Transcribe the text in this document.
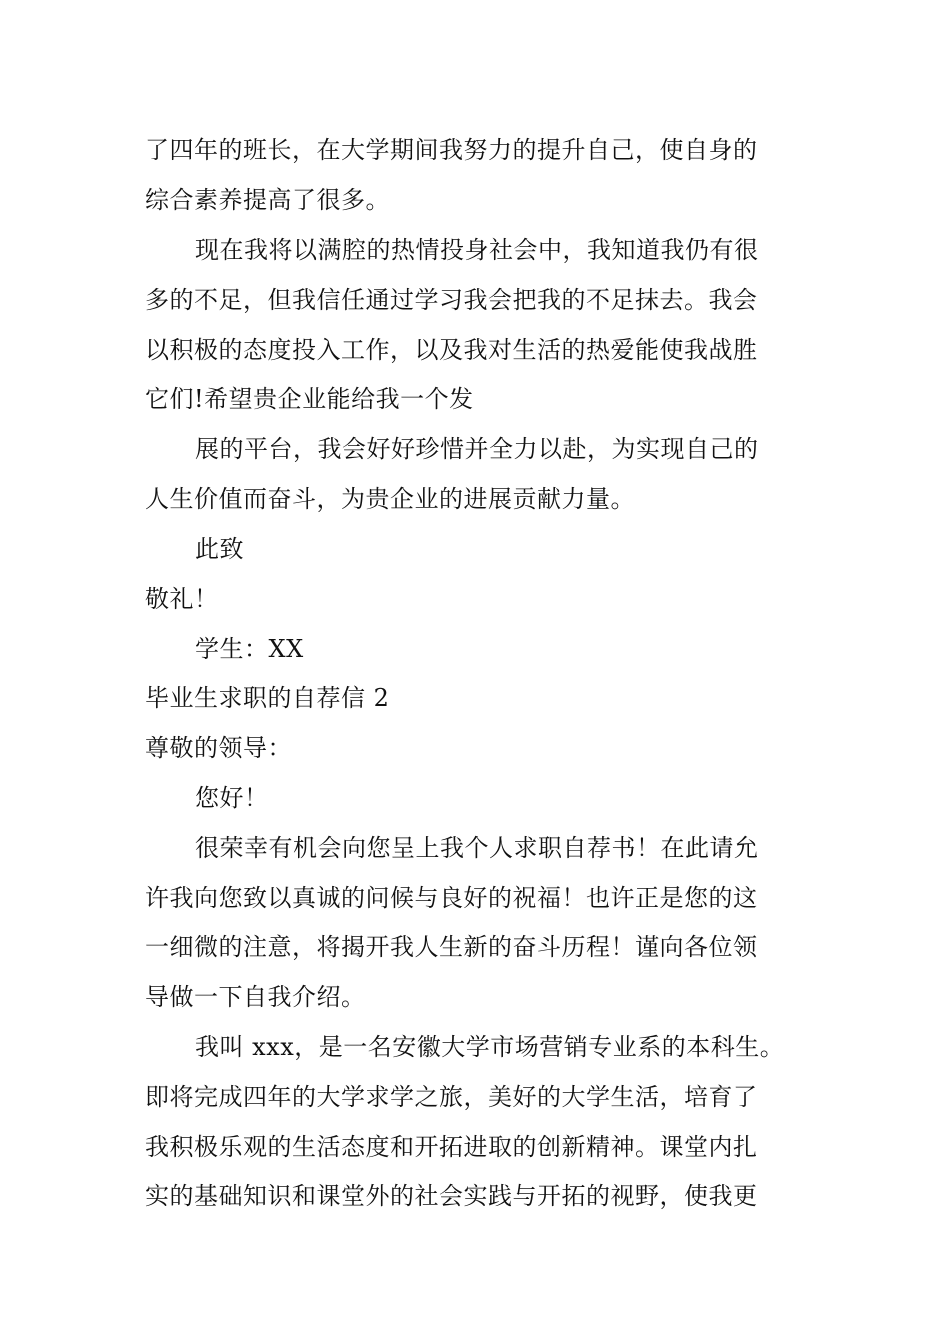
了四年的班长，在大学期间我努力的提升自己，使自身的
综合素养提高了很多。
现在我将以满腔的热情投身社会中，我知道我仍有很
多的不足，但我信任通过学习我会把我的不足抹去。我会
以积极的态度投入工作，以及我对生活的热爱能使我战胜
它们!希望贵企业能给我一个发
展的平台，我会好好珍惜并全力以赴，为实现自己的
人生价值而奋斗，为贵企业的进展贡献力量。
此致
敬礼！
学生：XX
毕业生求职的自荐信 2
尊敬的领导：
您好！
很荣幸有机会向您呈上我个人求职自荐书！在此请允
许我向您致以真诚的问候与良好的祝福！也许正是您的这
一细微的注意，将揭开我人生新的奋斗历程！谨向各位领
导做一下自我介绍。
我叫 xxx，是一名安徽大学市场营销专业系的本科生。
即将完成四年的大学求学之旅，美好的大学生活，培育了
我积极乐观的生活态度和开拓进取的创新精神。课堂内扎
实的基础知识和课堂外的社会实践与开拓的视野，使我更
